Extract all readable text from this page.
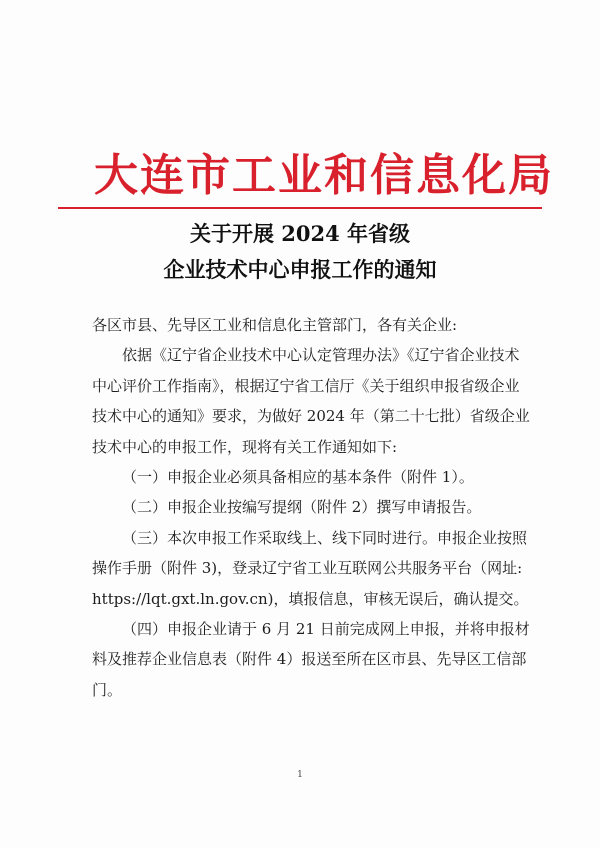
大连市工业和信息化局
关于开展 2024 年省级
企业技术中心申报工作的通知

各区市县、先导区工业和信息化主管部门，各有关企业:

依据《辽宁省企业技术中心认定管理办法》《辽宁省企业技术中心评价工作指南》，根据辽宁省工信厅《关于组织申报省级企业技术中心的通知》要求，为做好 2024 年（第二十七批）省级企业技术中心的申报工作，现将有关工作通知如下:

（一）申报企业必须具备相应的基本条件（附件 1）。

（二）申报企业按编写提纲（附件 2）撰写申请报告。

（三）本次申报工作采取线上、线下同时进行。申报企业按照操作手册（附件 3)，登录辽宁省工业互联网公共服务平台（网址: https://lqt.gxt.ln.gov.cn)，填报信息，审核无误后，确认提交。

（四）申报企业请于 6 月 21 日前完成网上申报，并将申报材料及推荐企业信息表（附件 4）报送至所在区市县、先导区工信部门。

1
